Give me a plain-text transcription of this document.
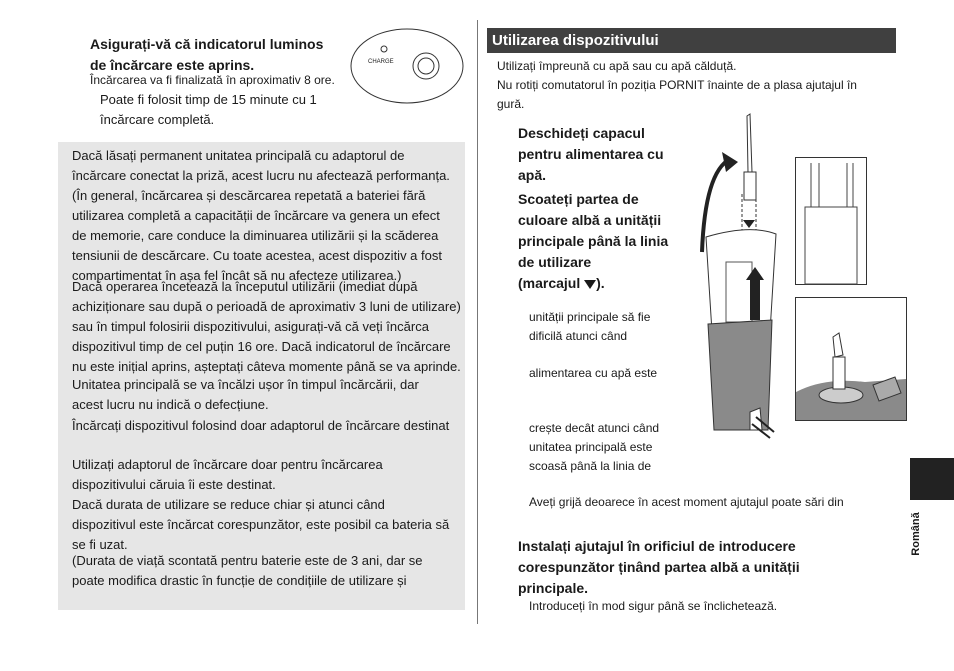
Asigurați-vă că indicatorul luminos

de încărcare este aprins.

Încărcarea va fi finalizată în aproximativ 8 ore.

Poate fi folosit timp de 15 minute cu 1

încărcare completă.

CHARGE

Dacă lăsați permanent unitatea principală cu adaptorul de

încărcare conectat la priză, acest lucru nu afectează performanța.

(În general, încărcarea și descărcarea repetată a bateriei fără

utilizarea completă a capacității de încărcare va genera un efect

de memorie, care conduce la diminuarea utilizării și la scăderea

tensiunii de descărcare. Cu toate acestea, acest dispozitiv a fost

compartimentat în așa fel încât să nu afecteze utilizarea.)

Dacă operarea încetează la începutul utilizării (imediat după

achiziționare sau după o perioadă de aproximativ 3 luni de utilizare)

sau în timpul folosirii dispozitivului, asigurați-vă că veți încărca

dispozitivul timp de cel puțin 16 ore. Dacă indicatorul de încărcare

nu este inițial aprins, așteptați câteva momente până se va aprinde.

Unitatea principală se va încălzi ușor în timpul încărcării, dar

acest lucru nu indică o defecțiune.

Încărcați dispozitivul folosind doar adaptorul de încărcare destinat

Utilizați adaptorul de încărcare doar pentru încărcarea

dispozitivului căruia îi este destinat.

Dacă durata de utilizare se reduce chiar și atunci când

dispozitivul este încărcat corespunzător, este posibil ca bateria să

se fi uzat.

(Durata de viață scontată pentru baterie este de 3 ani, dar se

poate modifica drastic în funcție de condițiile de utilizare și

Utilizarea dispozitivului

Utilizați împreună cu apă sau cu apă călduță.

Nu rotiți comutatorul în poziția PORNIT înainte de a plasa ajutajul în

gură.

Deschideți capacul

pentru alimentarea cu

apă.

Scoateți partea de

culoare albă a unității

principale până la linia

de utilizare

(marcajul ).

unității principale să fie

dificilă atunci când

alimentarea cu apă este

crește decât atunci când

unitatea principală este

scoasă până la linia de

Aveți grijă deoarece în acest moment ajutajul poate sări din

Instalați ajutajul în orificiul de introducere

corespunzător ținând partea albă a unității

principale.

Introduceți în mod sigur până se înclichetează.

Română
